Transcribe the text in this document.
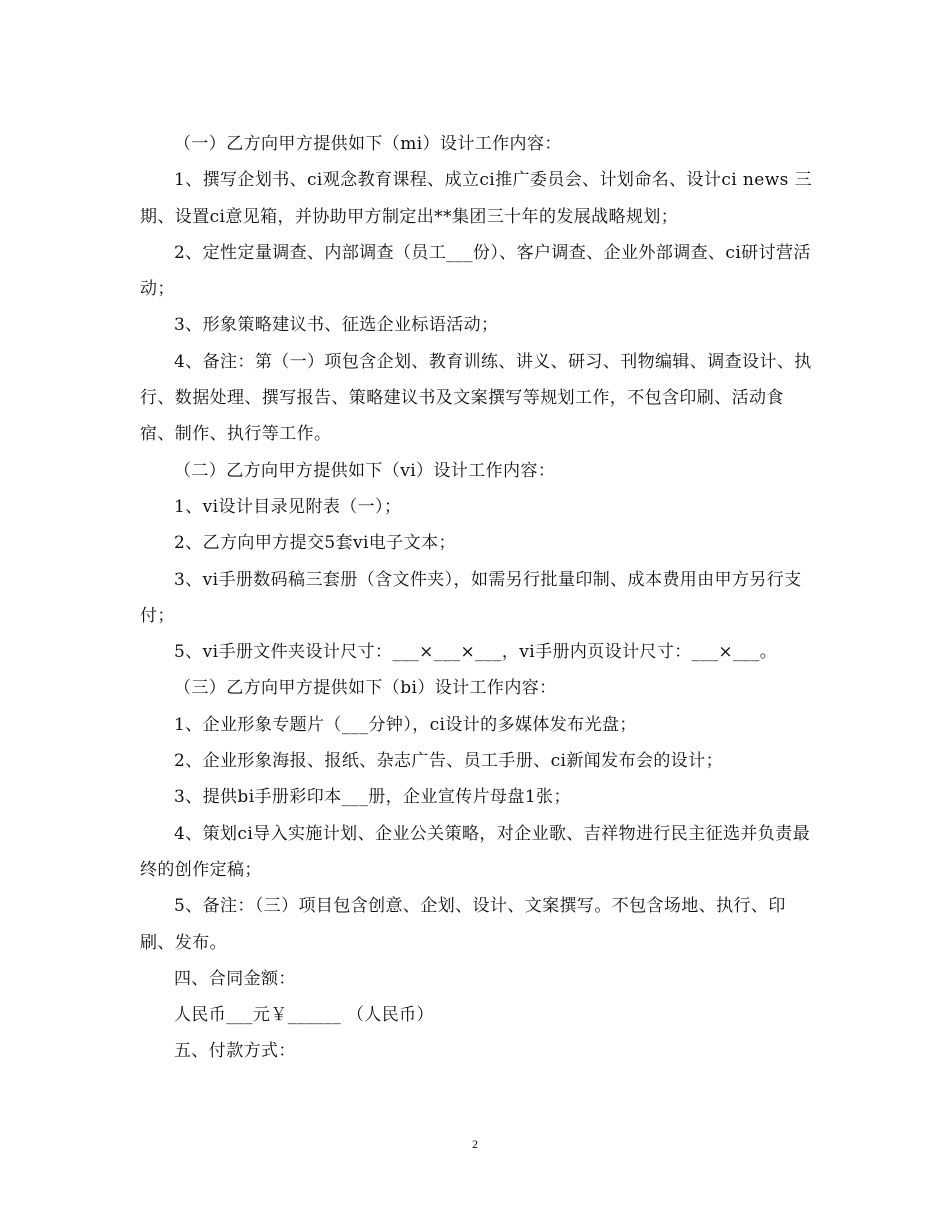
（一）乙方向甲方提供如下（mi）设计工作内容：

1、撰写企划书、ci观念教育课程、成立ci推广委员会、计划命名、设计ci news 三期、设置ci意见箱，并协助甲方制定出**集团三十年的发展战略规划；

2、定性定量调查、内部调查（员工___份）、客户调查、企业外部调查、ci研讨营活动；

3、形象策略建议书、征选企业标语活动；

4、备注：第（一）项包含企划、教育训练、讲义、研习、刊物编辑、调查设计、执行、数据处理、撰写报告、策略建议书及文案撰写等规划工作，不包含印刷、活动食宿、制作、执行等工作。

（二）乙方向甲方提供如下（vi）设计工作内容：

1、vi设计目录见附表（一）；

2、乙方向甲方提交5套vi电子文本；

3、vi手册数码稿三套册（含文件夹），如需另行批量印制、成本费用由甲方另行支付；

5、vi手册文件夹设计尺寸：___×___×___，vi手册内页设计尺寸：___×___。

（三）乙方向甲方提供如下（bi）设计工作内容：

1、企业形象专题片（___分钟），ci设计的多媒体发布光盘；

2、企业形象海报、报纸、杂志广告、员工手册、ci新闻发布会的设计；

3、提供bi手册彩印本___册，企业宣传片母盘1张；

4、策划ci导入实施计划、企业公关策略，对企业歌、吉祥物进行民主征选并负责最终的创作定稿；

5、备注：（三）项目包含创意、企划、设计、文案撰写。不包含场地、执行、印刷、发布。

四、合同金额：

人民币___元￥______ （人民币）

五、付款方式：

2
